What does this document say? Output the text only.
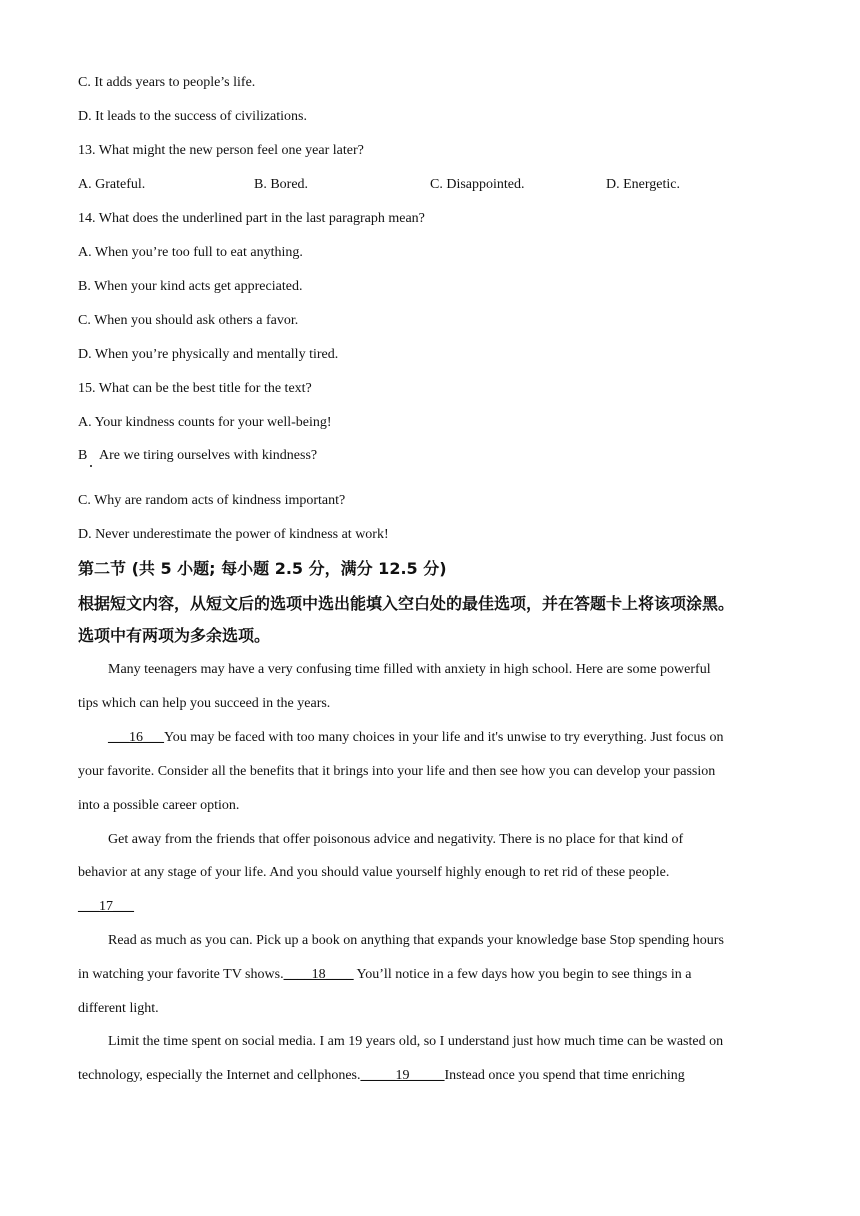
C. It adds years to people’s life.
D. It leads to the success of civilizations.
13. What might the new person feel one year later?
A. Grateful.	B. Bored.	C. Disappointed.	D. Energetic.
14. What does the underlined part in the last paragraph mean?
A. When you’re too full to eat anything.
B. When your kind acts get appreciated.
C. When you should ask others a favor.
D. When you’re physically and mentally tired.
15. What can be the best title for the text?
A. Your kindness counts for your well-being!
B Are we tiring ourselves with kindness?
C. Why are random acts of kindness important?
D. Never underestimate the power of kindness at work!
第二节 (共 5 小题; 每小题 2.5 分，满分 12.5 分)
根据短文内容，从短文后的选项中选出能填入空白处的最佳选项，并在答题卡上将该项涂黑。
选项中有两项为多余选项。
Many teenagers may have a very confusing time filled with anxiety in high school. Here are some powerful
tips which can help you succeed in the years.
___16___You may be faced with too many choices in your life and it's unwise to try everything. Just focus on
your favorite. Consider all the benefits that it brings into your life and then see how you can develop your passion
into a possible career option.
Get away from the friends that offer poisonous advice and negativity. There is no place for that kind of
behavior at any stage of your life. And you should value yourself highly enough to ret rid of these people.
___17___
Read as much as you can. Pick up a book on anything that expands your knowledge base Stop spending hours
in watching your favorite TV shows.____18____ You’ll notice in a few days how you begin to see things in a
different light.
Limit the time spent on social media. I am 19 years old, so I understand just how much time can be wasted on
technology, especially the Internet and cellphones._____19_____Instead once you spend that time enriching
